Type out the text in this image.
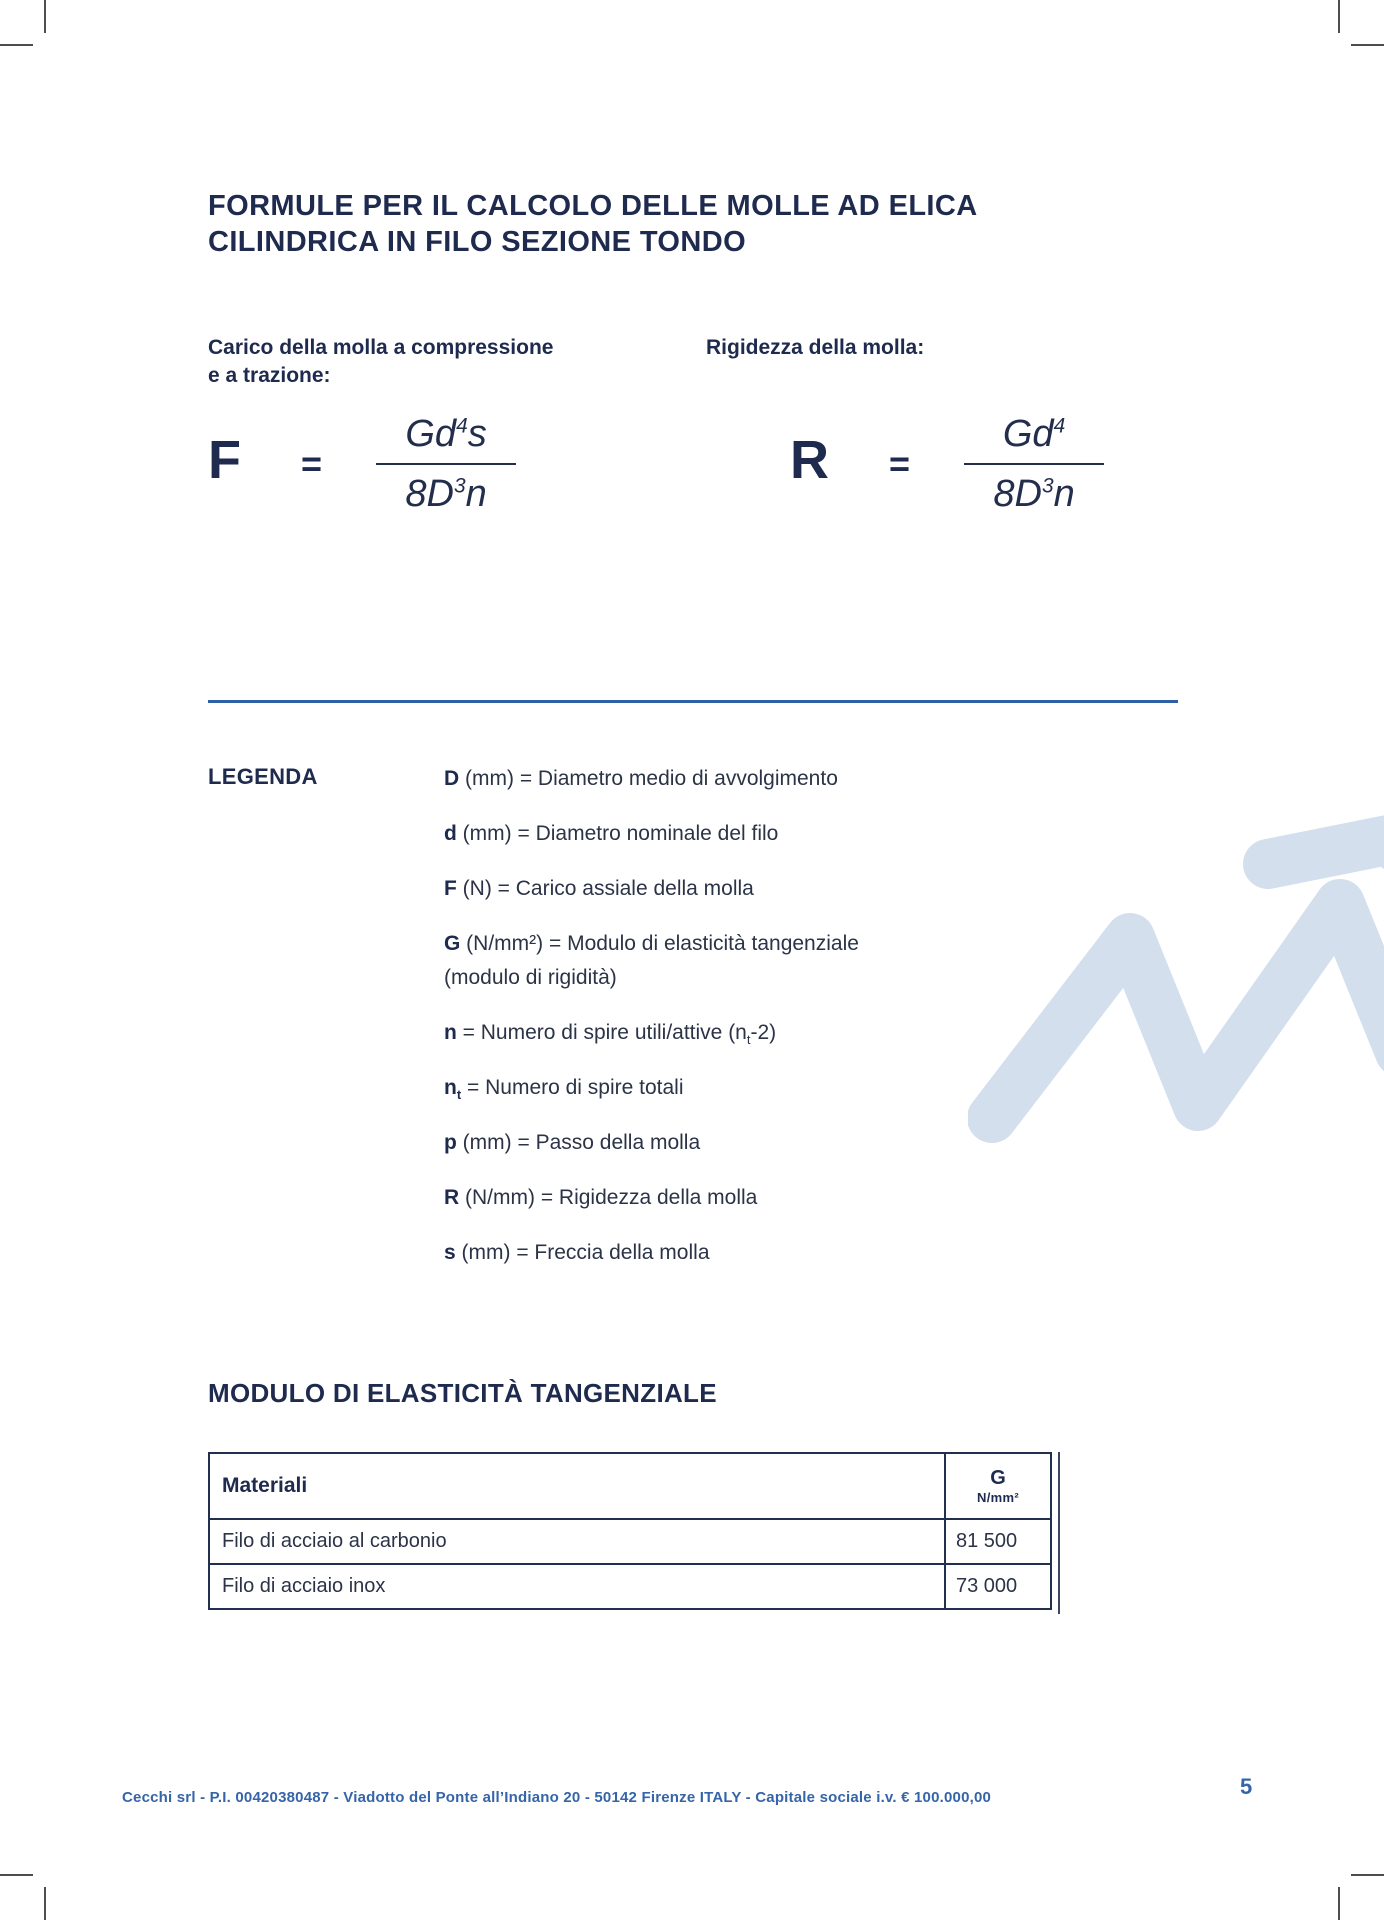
FORMULE PER IL CALCOLO DELLE MOLLE AD ELICA
CILINDRICA IN FILO SEZIONE TONDO

Carico della molla a compressione
e a trazione:

Rigidezza della molla:

$F = \frac{Gd^4s}{8D^3n}$	$R = \frac{Gd^4}{8D^3n}$
LEGENDA	D (mm) = Diametro medio di avvolgimento
d (mm) = Diametro nominale del filo
F (N) = Carico assiale della molla
G (N/mm²) = Modulo di elasticità tangenziale
(modulo di rigidità)
n = Numero di spire utili/attive $(n_t-2)$
$n_t$ = Numero di spire totali
p (mm) = Passo della molla
R (N/mm) = Rigidezza della molla
s (mm) = Freccia della molla
MODULO DI ELASTICITÀ TANGENZIALE
Materiali	G
N/mm²
Filo di acciaio al carbonio	81 500
Filo di acciaio inox	73 000
Cecchi srl - P.I. 00420380487 - Viadotto del Ponte all’Indiano 20 - 50142 Firenze ITALY - Capitale sociale i.v. € 100.000,00	5
